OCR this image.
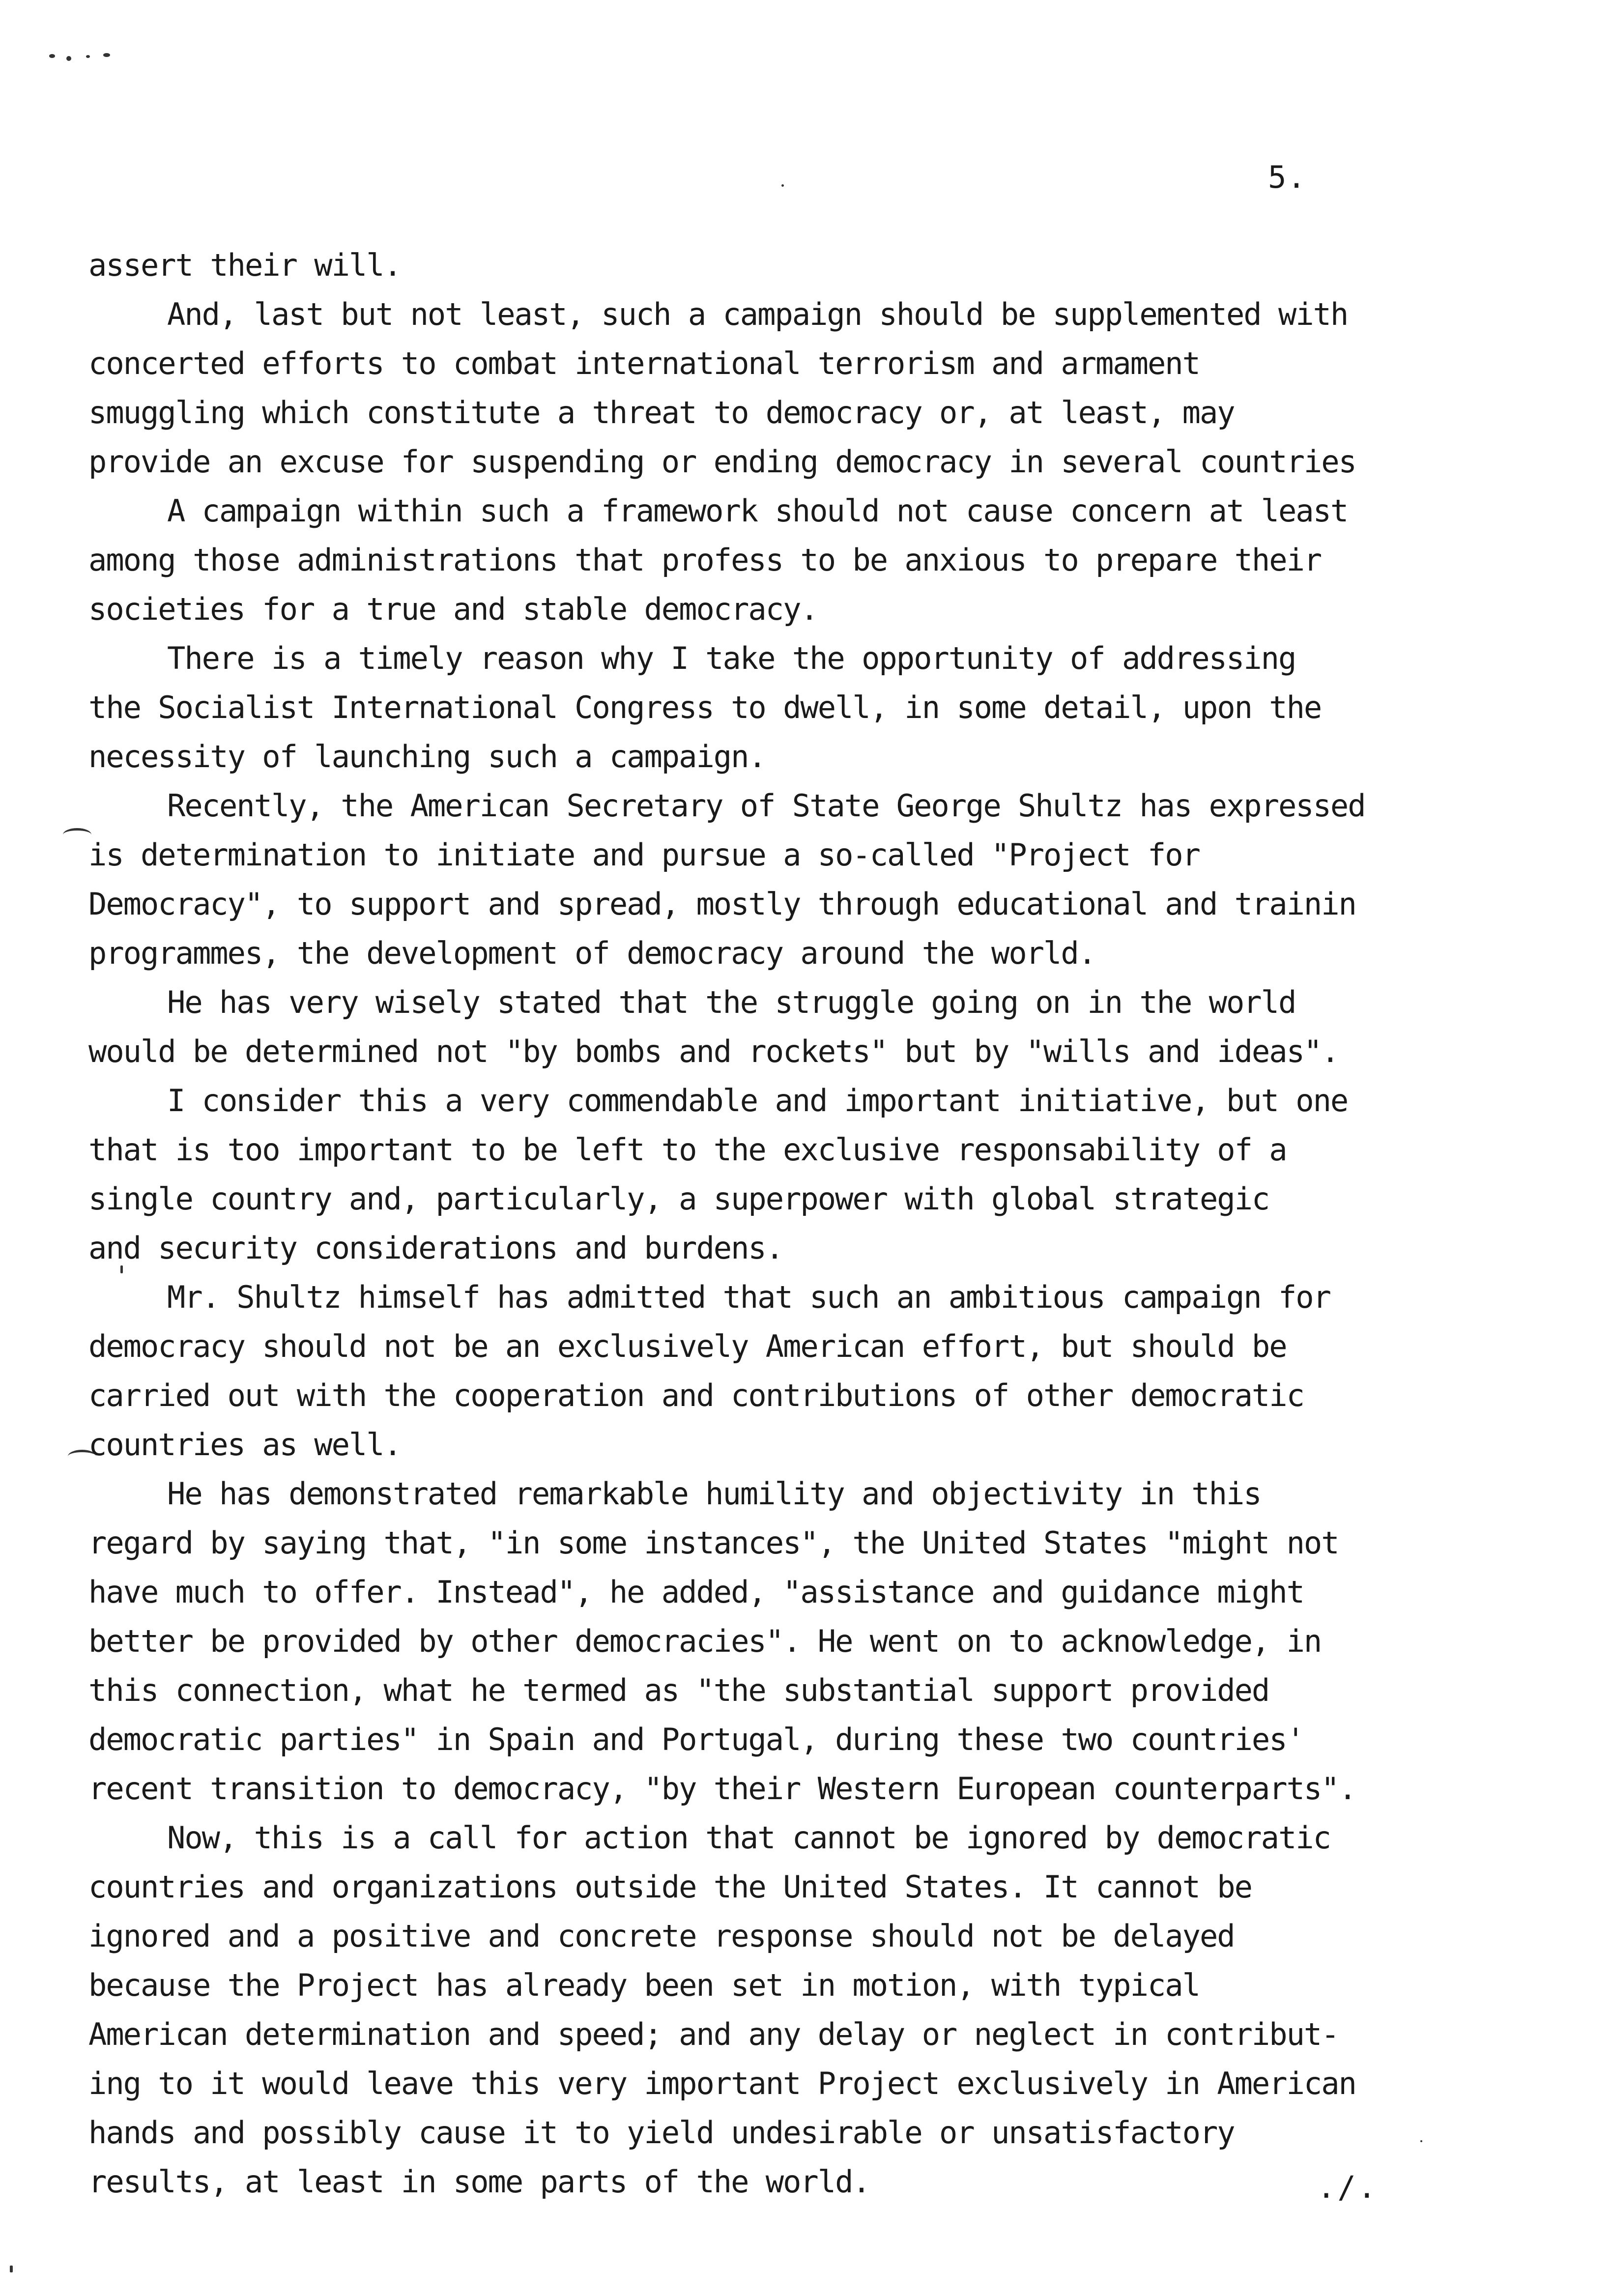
5.
assert their will.
And, last but not least, such a campaign should be supplemented with
concerted efforts to combat international terrorism and armament
smuggling which constitute a threat to democracy or, at least, may
provide an excuse for suspending or ending democracy in several countries
A campaign within such a framework should not cause concern at least
among those administrations that profess to be anxious to prepare their
societies for a true and stable democracy.
There is a timely reason why I take the opportunity of addressing
the Socialist International Congress to dwell, in some detail, upon the
necessity of launching such a campaign.
Recently, the American Secretary of State George Shultz has expressed
is determination to initiate and pursue a so-called "Project for
Democracy", to support and spread, mostly through educational and trainin
programmes, the development of democracy around the world.
He has very wisely stated that the struggle going on in the world
would be determined not "by bombs and rockets" but by "wills and ideas".
I consider this a very commendable and important initiative, but one
that is too important to be left to the exclusive responsability of a
single country and, particularly, a superpower with global strategic
and security considerations and burdens.
Mr. Shultz himself has admitted that such an ambitious campaign for
democracy should not be an exclusively American effort, but should be
carried out with the cooperation and contributions of other democratic
countries as well.
He has demonstrated remarkable humility and objectivity in this
regard by saying that, "in some instances", the United States "might not
have much to offer. Instead", he added, "assistance and guidance might
better be provided by other democracies". He went on to acknowledge, in
this connection, what he termed as "the substantial support provided
democratic parties" in Spain and Portugal, during these two countries'
recent transition to democracy, "by their Western European counterparts".
Now, this is a call for action that cannot be ignored by democratic
countries and organizations outside the United States. It cannot be
ignored and a positive and concrete response should not be delayed
because the Project has already been set in motion, with typical
American determination and speed; and any delay or neglect in contribut-
ing to it would leave this very important Project exclusively in American
hands and possibly cause it to yield undesirable or unsatisfactory
results, at least in some parts of the world.	./.
